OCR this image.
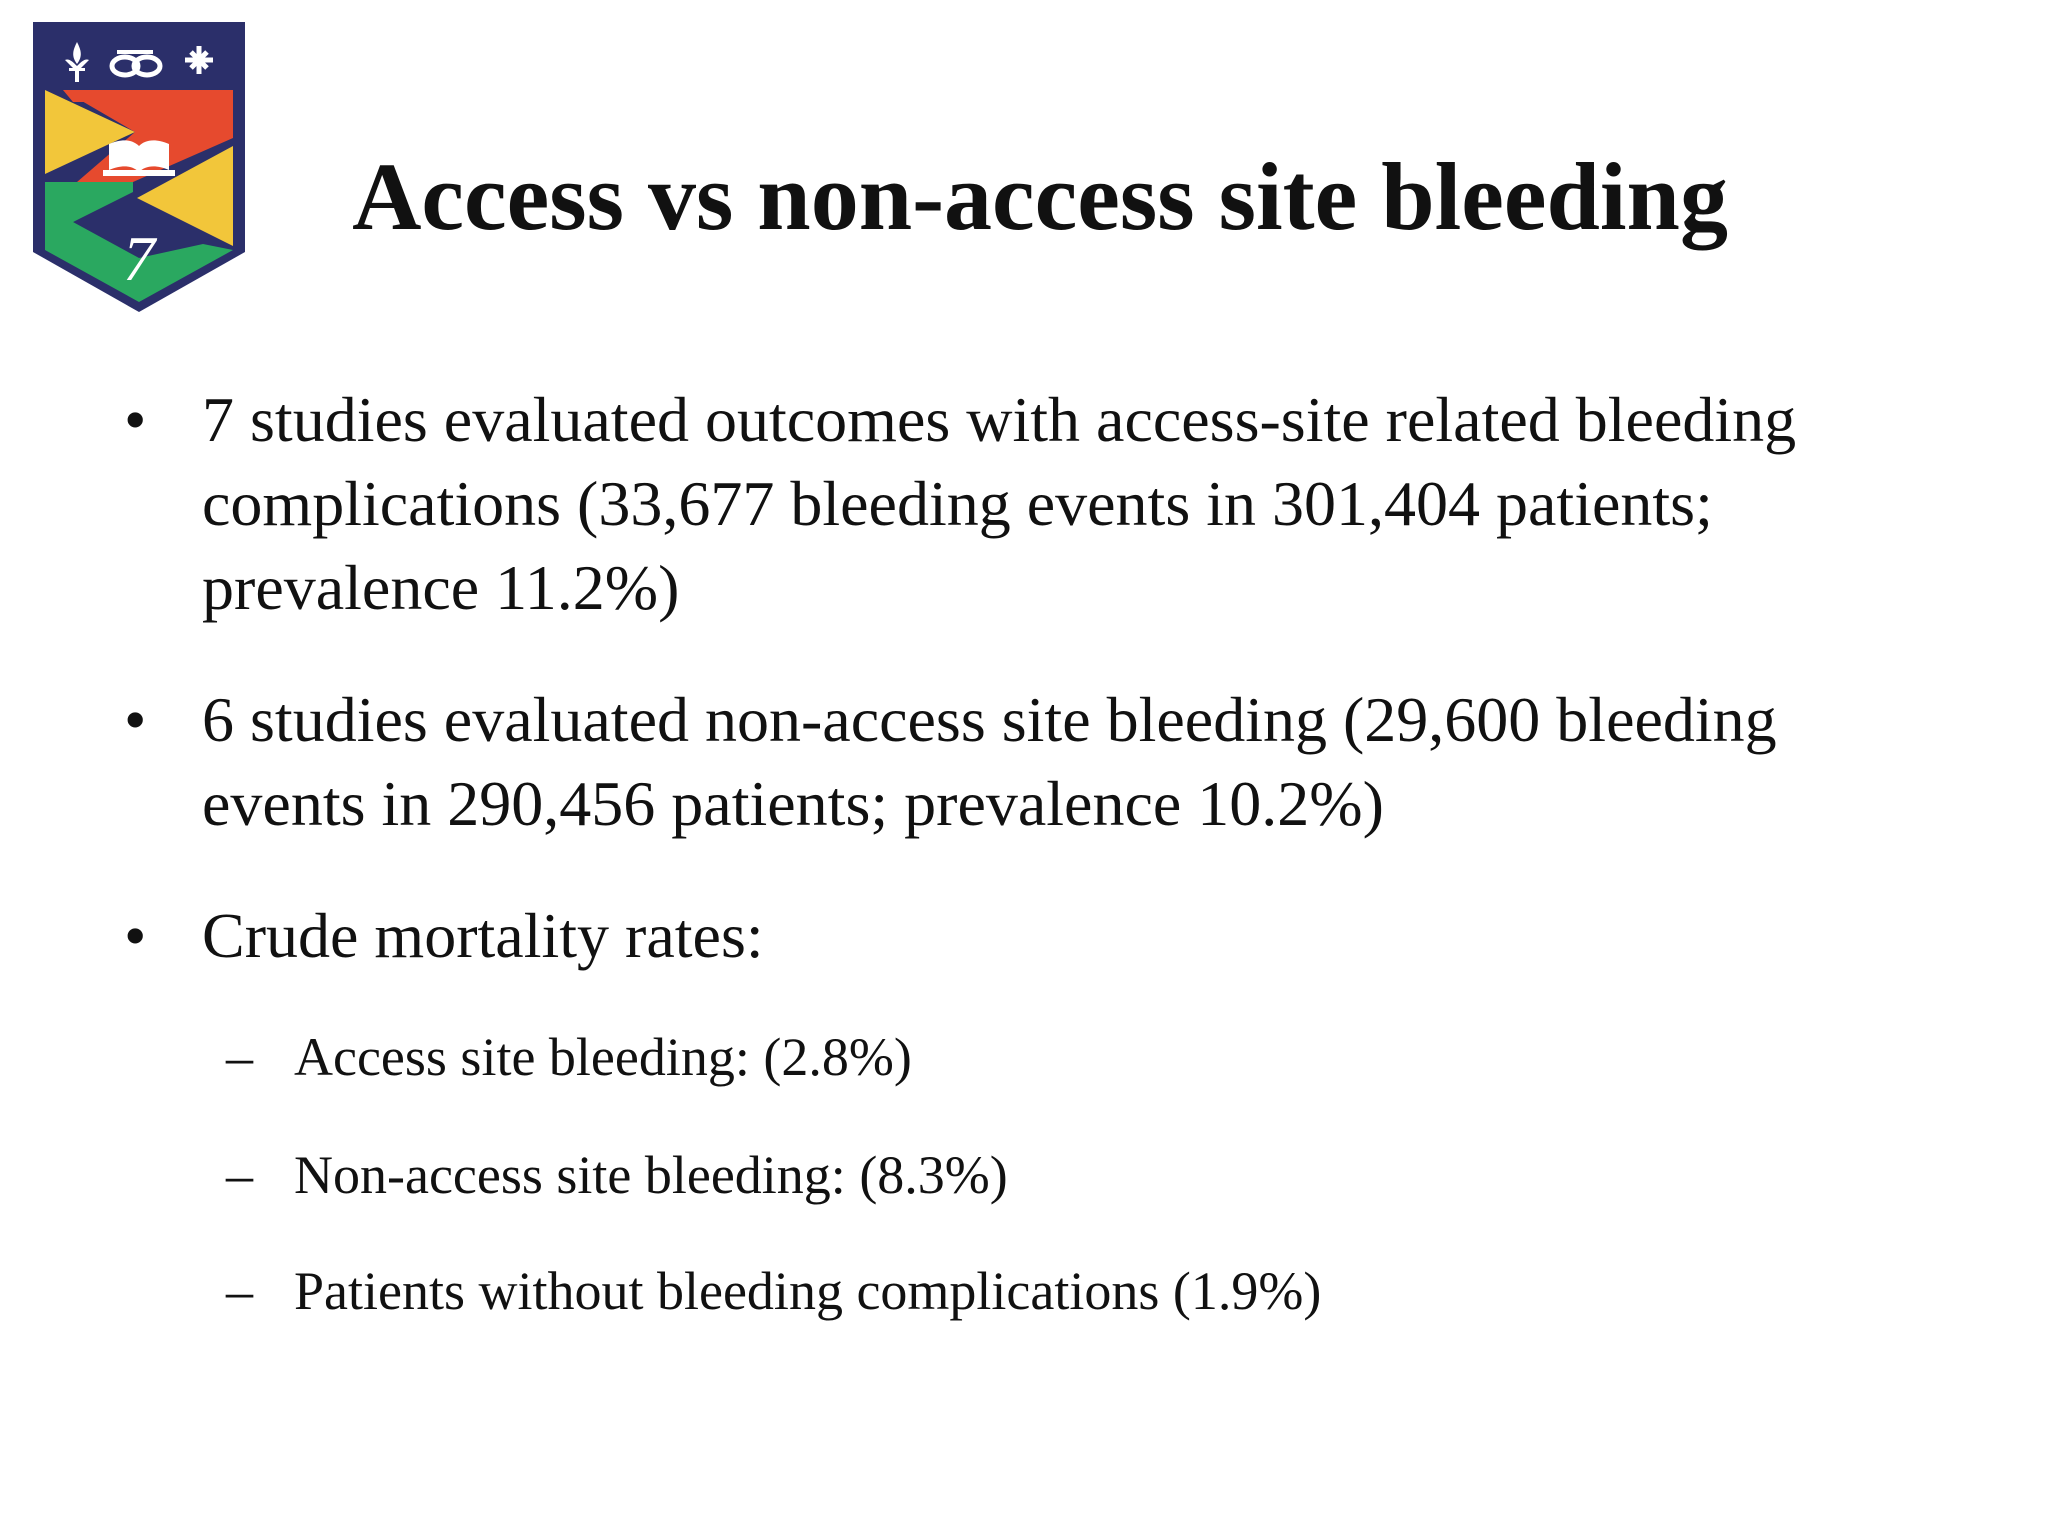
7
Access vs non-access site bleeding
• 7 studies evaluated outcomes with access-site related bleeding complications (33,677 bleeding events in 301,404 patients; prevalence 11.2%)
• 6 studies evaluated non-access site bleeding (29,600 bleeding events in 290,456 patients; prevalence 10.2%)
• Crude mortality rates:
– Access site bleeding: (2.8%)
– Non-access site bleeding: (8.3%)
– Patients without bleeding complications (1.9%)
